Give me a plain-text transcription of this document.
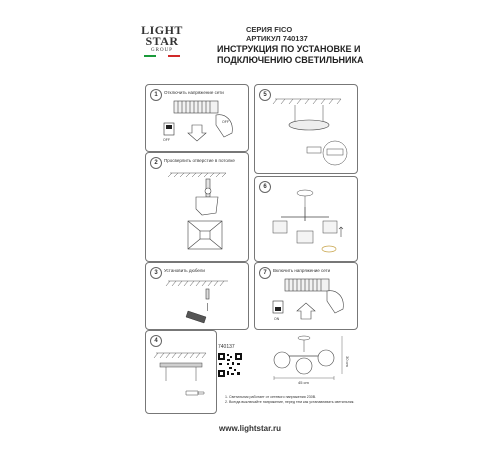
LIGHT
STAR
GROUP
СЕРИЯ FICO
АРТИКУЛ 740137
ИНСТРУКЦИЯ ПО УСТАНОВКЕ И
ПОДКЛЮЧЕНИЮ СВЕТИЛЬНИКА
1	Отключить напряжение сети
OFF
OFF
2	Просверлить отверстие в потолке
3	Установить дюбели
4
5
6
7	Включить напряжение сети
ON
740137
45 cm
30 cm
1. Светильник работает от сетевого напряжения 230В.
2. Всегда выключайте напряжение, перед тем как устанавливать светильник.
www.lightstar.ru
